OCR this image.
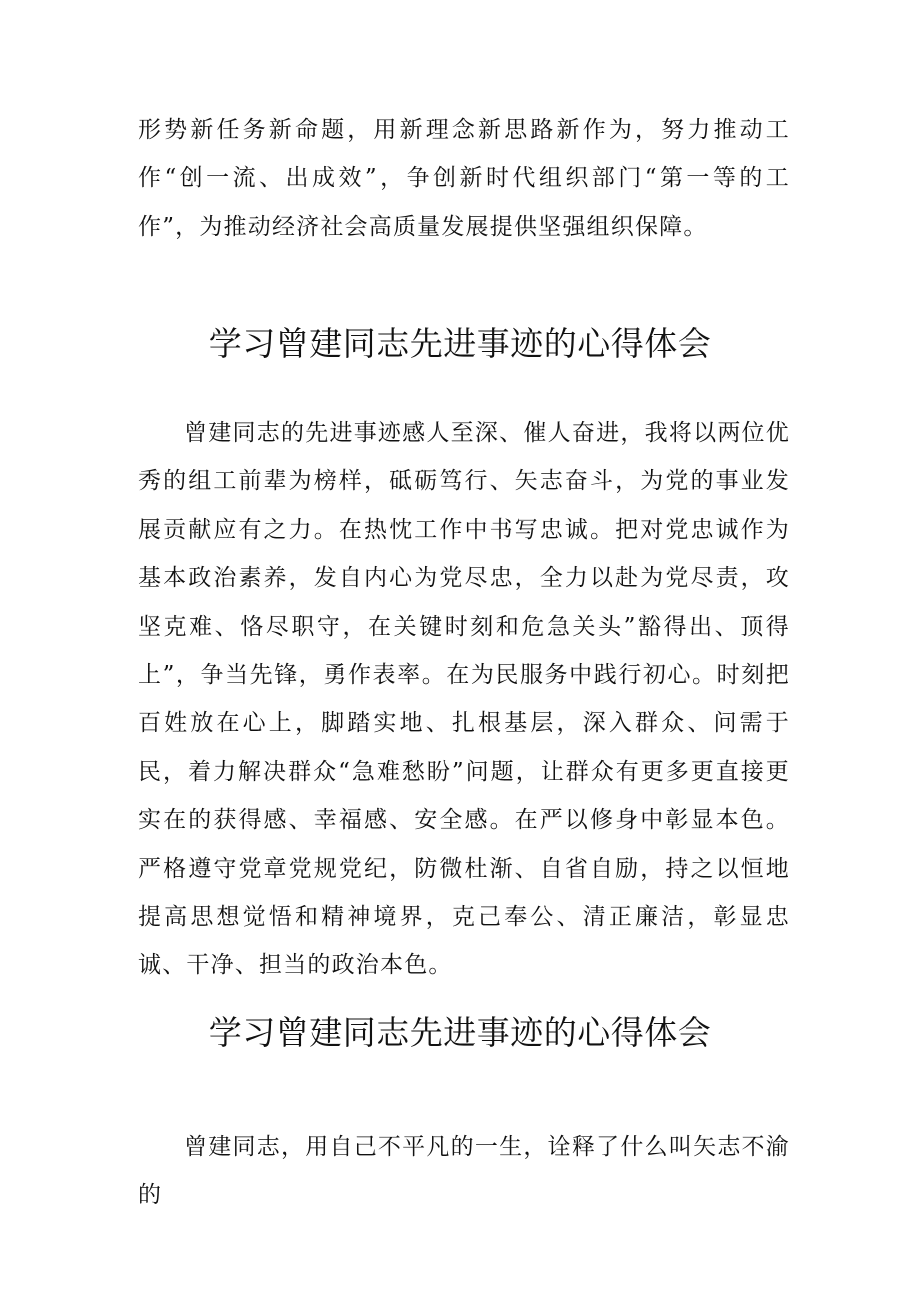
形势新任务新命题，用新理念新思路新作为，努力推动工作“创一流、出成效”，争创新时代组织部门“第一等的工作”，为推动经济社会高质量发展提供坚强组织保障。

学习曾建同志先进事迹的心得体会

曾建同志的先进事迹感人至深、催人奋进，我将以两位优秀的组工前辈为榜样，砥砺笃行、矢志奋斗，为党的事业发展贡献应有之力。在热忱工作中书写忠诚。把对党忠诚作为基本政治素养，发自内心为党尽忠，全力以赴为党尽责，攻坚克难、恪尽职守，在关键时刻和危急关头”豁得出、顶得上”，争当先锋，勇作表率。在为民服务中践行初心。时刻把百姓放在心上，脚踏实地、扎根基层，深入群众、问需于民，着力解决群众“急难愁盼”问题，让群众有更多更直接更实在的获得感、幸福感、安全感。在严以修身中彰显本色。严格遵守党章党规党纪，防微杜渐、自省自励，持之以恒地提高思想觉悟和精神境界，克己奉公、清正廉洁，彰显忠诚、干净、担当的政治本色。

学习曾建同志先进事迹的心得体会

曾建同志，用自己不平凡的一生，诠释了什么叫矢志不渝的
